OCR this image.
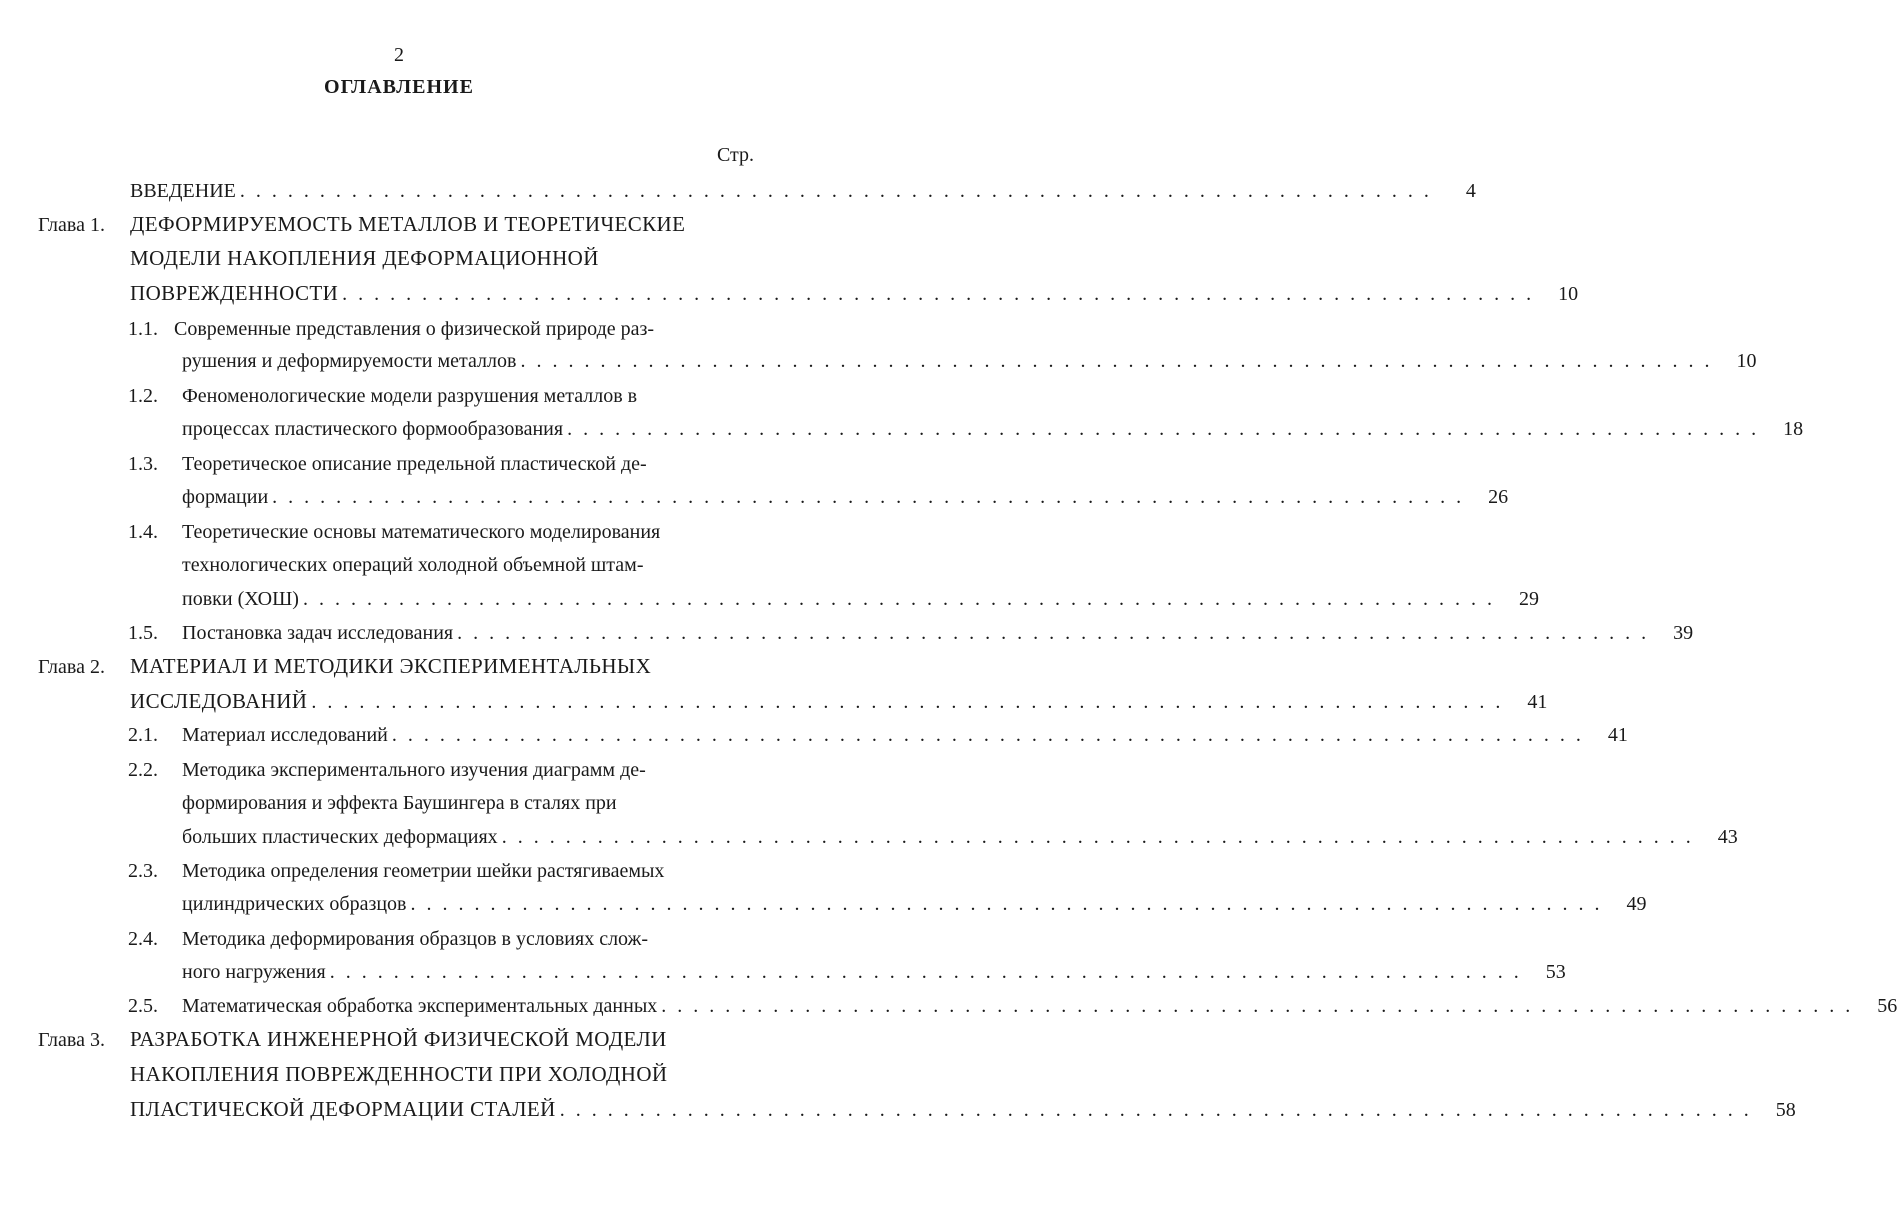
2
ОГЛАВЛЕНИЕ
Стр.
ВВЕДЕНИЕ . . . . . . . . . . . . . . . . . . . . . . . . . . . . . . . . . . . . . . . . . . . . . . . . . . . . . . . . . . . . . . . . . . . . . . . . . . .	4
Глава 1. ДЕФОРМИРУЕМОСТЬ МЕТАЛЛОВ И ТЕОРЕТИЧЕСКИЕ
МОДЕЛИ НАКОПЛЕНИЯ ДЕФОРМАЦИОННОЙ
ПОВРЕЖДЕННОСТИ . . . . . . . . . . . . . . . . . . . . . . . . . . . . . . . . . . . . . . . . . . . . . . . . . . . . . . . . . . . . . . . . . . . . . . . . . . .	10
1.1. Современные представления о физической природе раз-
рушения и деформируемости металлов . . . . . . . . . . . . . . . . . . . . . . . . . . . . . . . . . . . . . . . . . . . . . . . . . . . . . . . . . . . . . . . . . . . . . . . . . . .	10
1.2. Феноменологические модели разрушения металлов в
процессах пластического формообразования . . . . . . . . . . . . . . . . . . . . . . . . . . . . . . . . . . . . . . . . . . . . . . . . . . . . . . . . . . . . . . . . . . . . . . . . . . .	18
1.3. Теоретическое описание предельной пластической де-
формации . . . . . . . . . . . . . . . . . . . . . . . . . . . . . . . . . . . . . . . . . . . . . . . . . . . . . . . . . . . . . . . . . . . . . . . . . . .	26
1.4. Теоретические основы математического моделирования
технологических операций холодной объемной штам-
повки (ХОШ) . . . . . . . . . . . . . . . . . . . . . . . . . . . . . . . . . . . . . . . . . . . . . . . . . . . . . . . . . . . . . . . . . . . . . . . . . . .	29
1.5. Постановка задач исследования . . . . . . . . . . . . . . . . . . . . . . . . . . . . . . . . . . . . . . . . . . . . . . . . . . . . . . . . . . . . . . . . . . . . . . . . . . .	39
Глава 2. МАТЕРИАЛ И МЕТОДИКИ ЭКСПЕРИМЕНТАЛЬНЫХ
ИССЛЕДОВАНИЙ . . . . . . . . . . . . . . . . . . . . . . . . . . . . . . . . . . . . . . . . . . . . . . . . . . . . . . . . . . . . . . . . . . . . . . . . . . .	41
2.1. Материал исследований . . . . . . . . . . . . . . . . . . . . . . . . . . . . . . . . . . . . . . . . . . . . . . . . . . . . . . . . . . . . . . . . . . . . . . . . . . .	41
2.2. Методика экспериментального изучения диаграмм де-
формирования и эффекта Баушингера в сталях при
больших пластических деформациях . . . . . . . . . . . . . . . . . . . . . . . . . . . . . . . . . . . . . . . . . . . . . . . . . . . . . . . . . . . . . . . . . . . . . . . . . . .	43
2.3. Методика определения геометрии шейки растягиваемых
цилиндрических образцов . . . . . . . . . . . . . . . . . . . . . . . . . . . . . . . . . . . . . . . . . . . . . . . . . . . . . . . . . . . . . . . . . . . . . . . . . . .	49
2.4. Методика деформирования образцов в условиях слож-
ного нагружения . . . . . . . . . . . . . . . . . . . . . . . . . . . . . . . . . . . . . . . . . . . . . . . . . . . . . . . . . . . . . . . . . . . . . . . . . . .	53
2.5. Математическая обработка экспериментальных данных . . . . . . . . . . . . . . . . . . . . . . . . . . . . . . . . . . . . . . . . . . . . . . . . . . . . . . . . . . . . . . . . . . . . . . . . . . .	56
Глава 3. РАЗРАБОТКА ИНЖЕНЕРНОЙ ФИЗИЧЕСКОЙ МОДЕЛИ
НАКОПЛЕНИЯ ПОВРЕЖДЕННОСТИ ПРИ ХОЛОДНОЙ
ПЛАСТИЧЕСКОЙ ДЕФОРМАЦИИ СТАЛЕЙ . . . . . . . . . . . . . . . . . . . . . . . . . . . . . . . . . . . . . . . . . . . . . . . . . . . . . . . . . . . . . . . . . . . . . . . . . . .	58
